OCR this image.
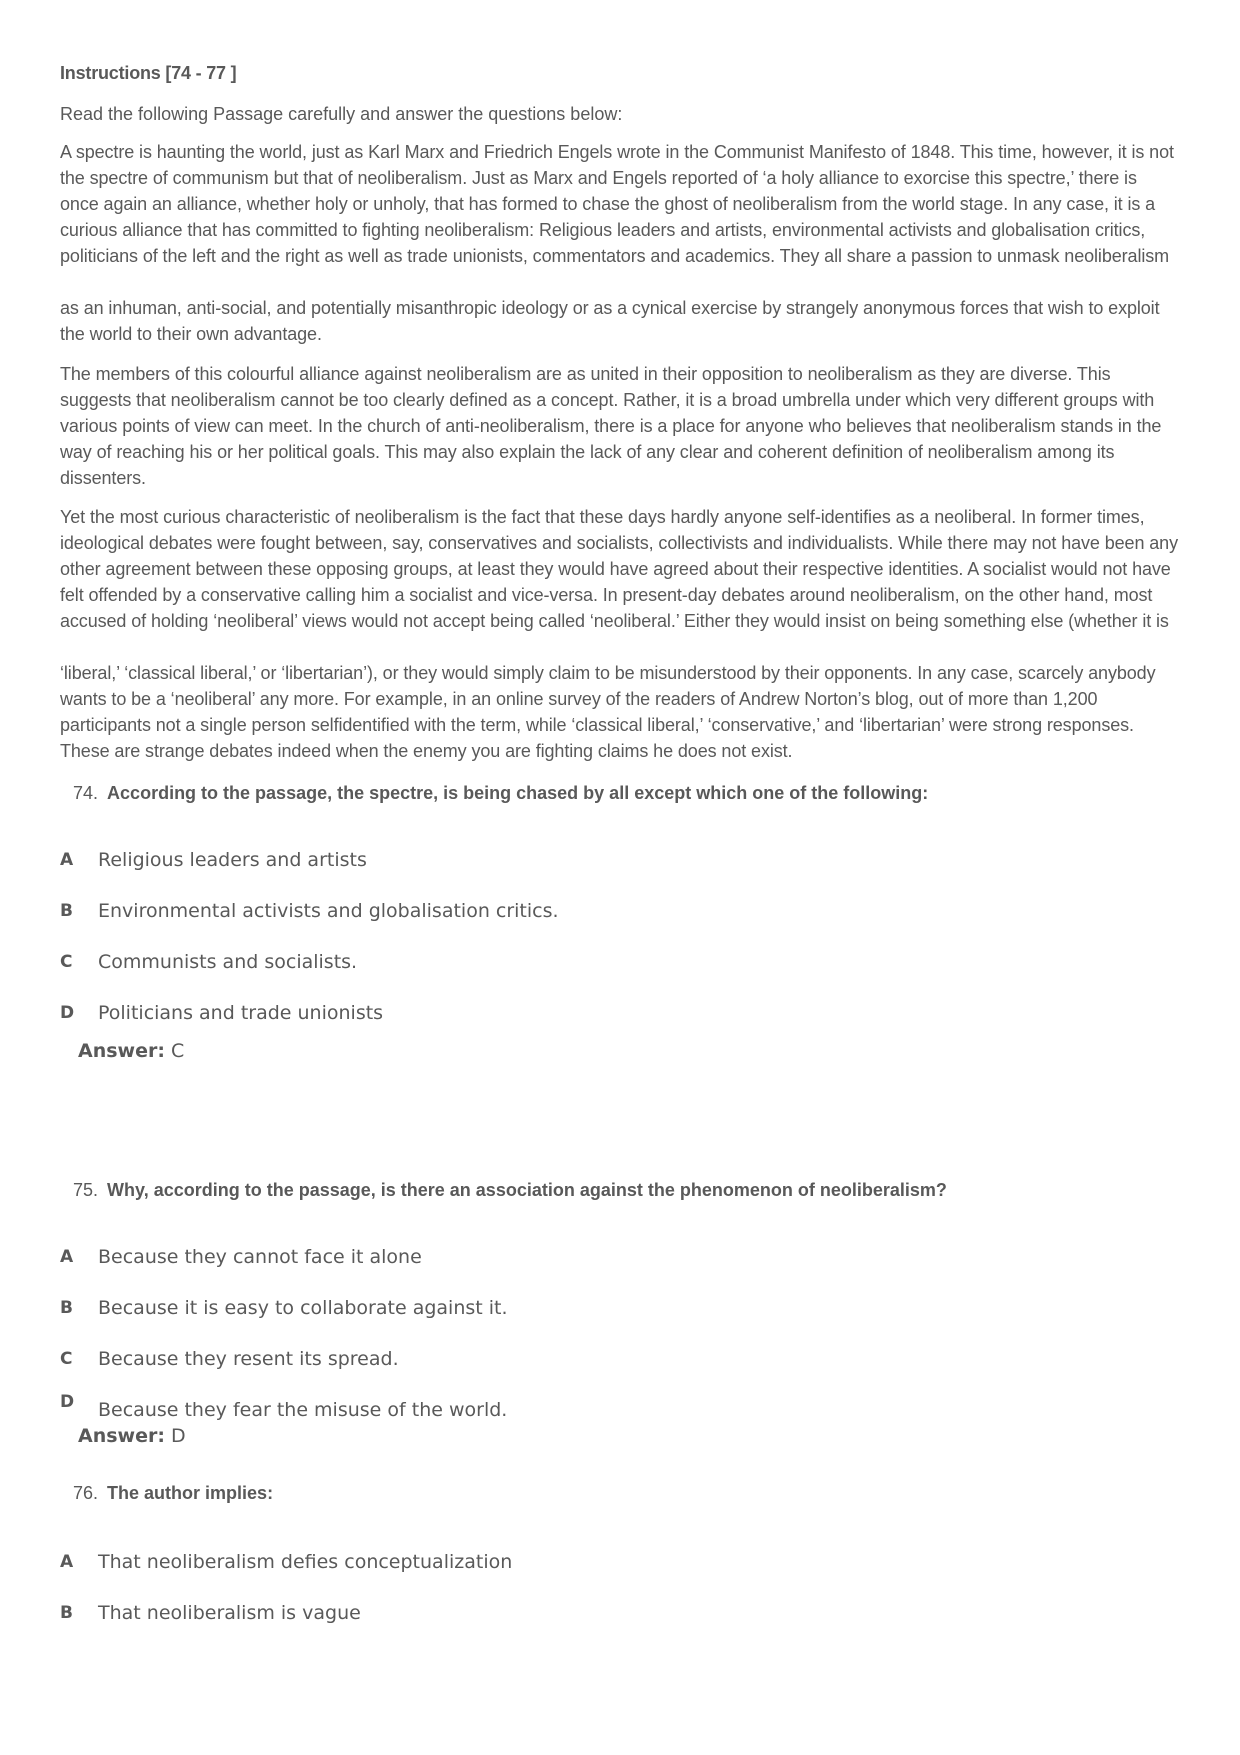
Instructions [74 - 77 ]
Read the following Passage carefully and answer the questions below:

A spectre is haunting the world, just as Karl Marx and Friedrich Engels wrote in the Communist Manifesto of 1848. This time, however, it is not the spectre of communism but that of neoliberalism. Just as Marx and Engels reported of ‘a holy alliance to exorcise this spectre,’ there is once again an alliance, whether holy or unholy, that has formed to chase the ghost of neoliberalism from the world stage. In any case, it is a curious alliance that has committed to fighting neoliberalism: Religious leaders and artists, environmental activists and globalisation critics, politicians of the left and the right as well as trade unionists, commentators and academics. They all share a passion to unmask neoliberalism

as an inhuman, anti-social, and potentially misanthropic ideology or as a cynical exercise by strangely anonymous forces that wish to exploit the world to their own advantage.

The members of this colourful alliance against neoliberalism are as united in their opposition to neoliberalism as they are diverse. This suggests that neoliberalism cannot be too clearly defined as a concept. Rather, it is a broad umbrella under which very different groups with various points of view can meet. In the church of anti-neoliberalism, there is a place for anyone who believes that neoliberalism stands in the way of reaching his or her political goals. This may also explain the lack of any clear and coherent definition of neoliberalism among its dissenters.

Yet the most curious characteristic of neoliberalism is the fact that these days hardly anyone self-identifies as a neoliberal. In former times, ideological debates were fought between, say, conservatives and socialists, collectivists and individualists. While there may not have been any other agreement between these opposing groups, at least they would have agreed about their respective identities. A socialist would not have felt offended by a conservative calling him a socialist and vice-versa. In present-day debates around neoliberalism, on the other hand, most accused of holding ‘neoliberal’ views would not accept being called ‘neoliberal.’ Either they would insist on being something else (whether it is

‘liberal,’ ‘classical liberal,’ or ‘libertarian’), or they would simply claim to be misunderstood by their opponents. In any case, scarcely anybody wants to be a ‘neoliberal’ any more. For example, in an online survey of the readers of Andrew Norton’s blog, out of more than 1,200 participants not a single person selfidentified with the term, while ‘classical liberal,’ ‘conservative,’ and ‘libertarian’ were strong responses. These are strange debates indeed when the enemy you are fighting claims he does not exist.

74. According to the passage, the spectre, is being chased by all except which one of the following:
A	Religious leaders and artists
B	Environmental activists and globalisation critics.
C	Communists and socialists.
D	Politicians and trade unionists
Answer: C
75. Why, according to the passage, is there an association against the phenomenon of neoliberalism?
A	Because they cannot face it alone
B	Because it is easy to collaborate against it.
C	Because they resent its spread.
D	Because they fear the misuse of the world.
Answer: D
76. The author implies:
A	That neoliberalism defies conceptualization
B	That neoliberalism is vague
